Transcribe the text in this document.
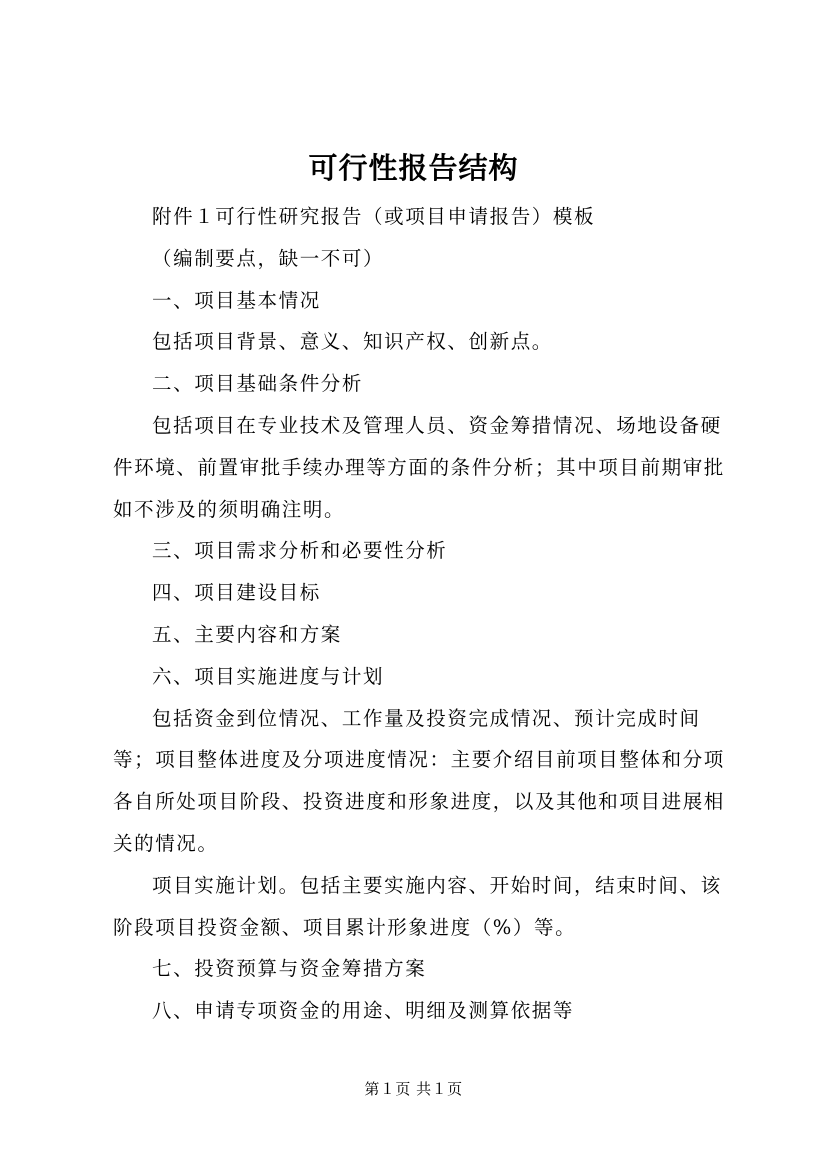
可行性报告结构

附件１可行性研究报告（或项目申请报告）模板

（编制要点，缺一不可）

一、项目基本情况

包括项目背景、意义、知识产权、创新点。

二、项目基础条件分析

包括项目在专业技术及管理人员、资金筹措情况、场地设备硬件环境、前置审批手续办理等方面的条件分析；其中项目前期审批如不涉及的须明确注明。

三、项目需求分析和必要性分析

四、项目建设目标

五、主要内容和方案

六、项目实施进度与计划

包括资金到位情况、工作量及投资完成情况、预计完成时间等；项目整体进度及分项进度情况：主要介绍目前项目整体和分项各自所处项目阶段、投资进度和形象进度，以及其他和项目进展相关的情况。

项目实施计划。包括主要实施内容、开始时间，结束时间、该阶段项目投资金额、项目累计形象进度（%）等。

七、投资预算与资金筹措方案

八、申请专项资金的用途、明细及测算依据等

第１页 共１页
